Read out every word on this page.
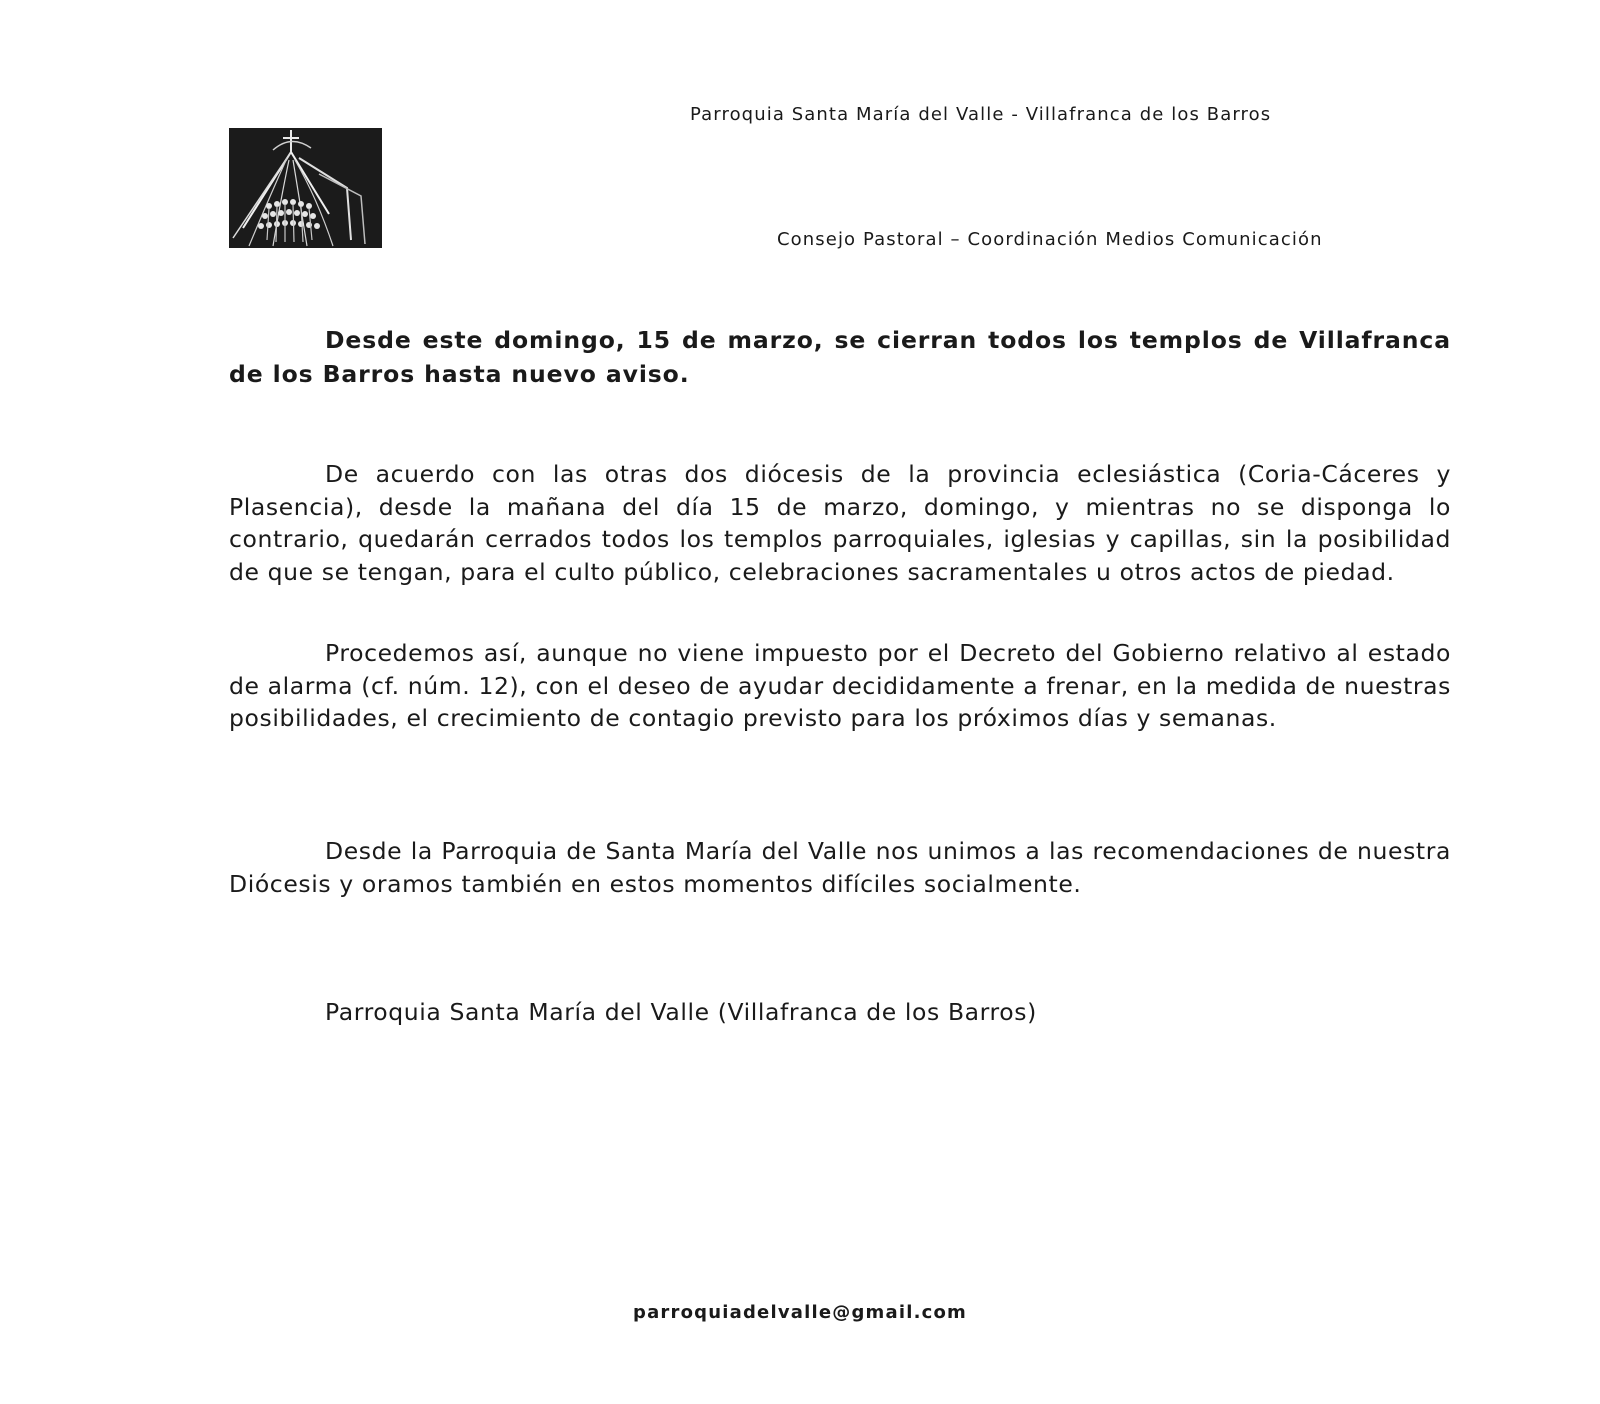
Parroquia Santa María del Valle - Villafranca de los Barros
Consejo Pastoral – Coordinación Medios Comunicación

Desde este domingo, 15 de marzo, se cierran todos los templos de Villafranca de los Barros hasta nuevo aviso.

De acuerdo con las otras dos diócesis de la provincia eclesiástica (Coria-Cáceres y Plasencia), desde la mañana del día 15 de marzo, domingo, y mientras no se disponga lo contrario, quedarán cerrados todos los templos parroquiales, iglesias y capillas, sin la posibilidad de que se tengan, para el culto público, celebraciones sacramentales u otros actos de piedad.

Procedemos así, aunque no viene impuesto por el Decreto del Gobierno relativo al estado de alarma (cf. núm. 12), con el deseo de ayudar decididamente a frenar, en la medida de nuestras posibilidades, el crecimiento de contagio previsto para los próximos días y semanas.

Desde la Parroquia de Santa María del Valle nos unimos a las recomendaciones de nuestra Diócesis y oramos también en estos momentos difíciles socialmente.

Parroquia Santa María del Valle (Villafranca de los Barros)
parroquiadelvalle@gmail.com
